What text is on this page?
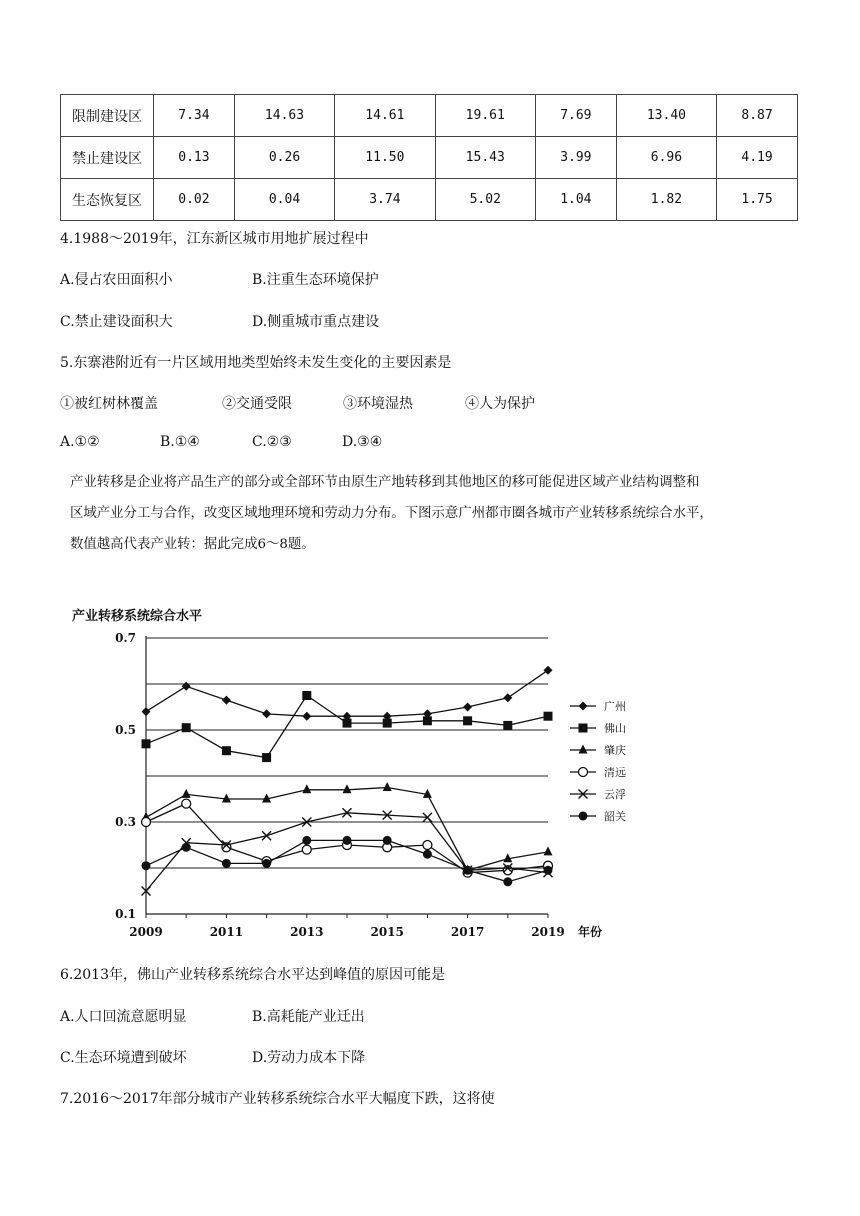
限制建设区	7.34	14.63	14.61	19.61	7.69	13.40	8.87
禁止建设区	0.13	0.26	11.50	15.43	3.99	6.96	4.19
生态恢复区	0.02	0.04	3.74	5.02	1.04	1.82	1.75
4.1988～2019年，江东新区城市用地扩展过程中
A.侵占农田面积小	B.注重生态环境保护
C.禁止建设面积大	D.侧重城市重点建设
5.东寨港附近有一片区域用地类型始终未发生变化的主要因素是
①被红树林覆盖	②交通受限	③环境湿热	④人为保护
A.①②	B.①④	C.②③	D.③④
产业转移是企业将产品生产的部分或全部环节由原生产地转移到其他地区的移可能促进区域产业结构调整和
区域产业分工与合作，改变区域地理环境和劳动力分布。下图示意广州都市圈各城市产业转移系统综合水平，
数值越高代表产业转：据此完成6～8题。
0.7
0.5
0.3
0.1
2009	2011	2013	2015	2017	2019
产业转移系统综合水平
年份
广州
佛山
肇庆
清远
云浮
韶关
6.2013年，佛山产业转移系统综合水平达到峰值的原因可能是
A.人口回流意愿明显	B.高耗能产业迁出
C.生态环境遭到破坏	D.劳动力成本下降
7.2016～2017年部分城市产业转移系统综合水平大幅度下跌，这将使
